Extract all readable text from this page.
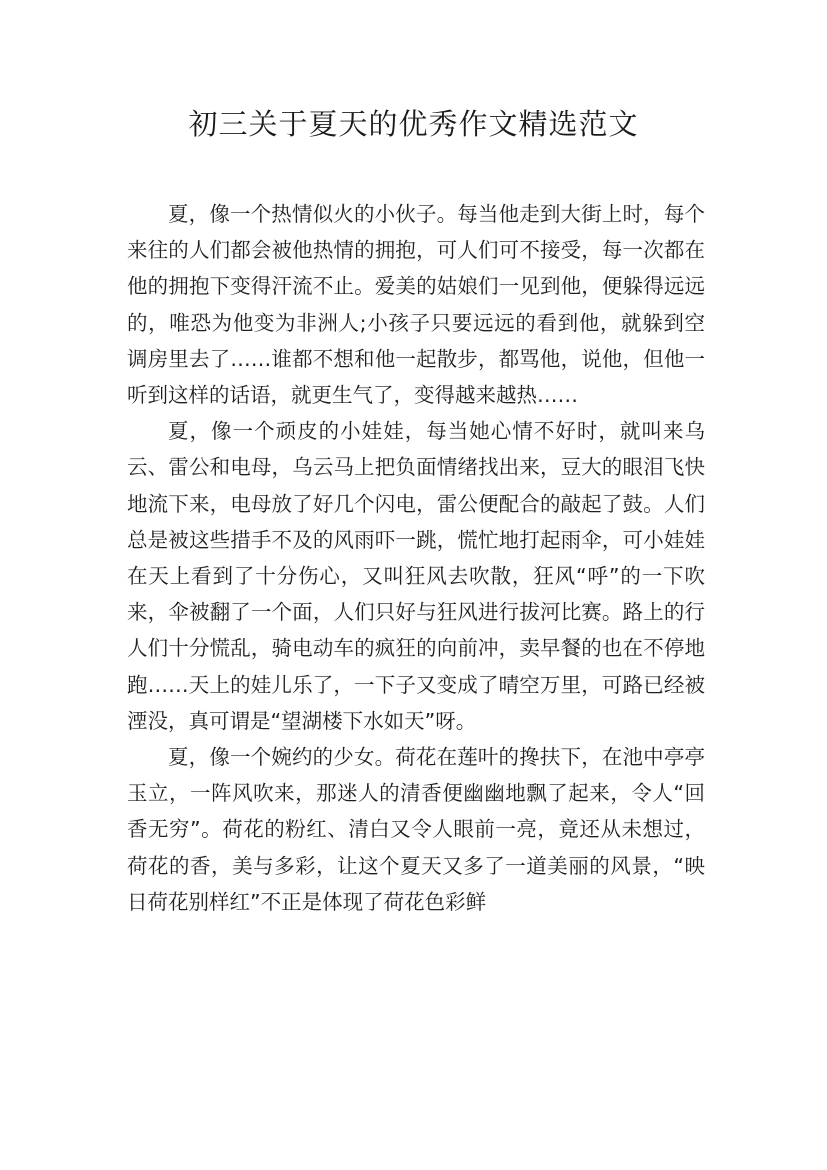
初三关于夏天的优秀作文精选范文

夏，像一个热情似火的小伙子。每当他走到大街上时，每个来往的人们都会被他热情的拥抱，可人们可不接受，每一次都在他的拥抱下变得汗流不止。爱美的姑娘们一见到他，便躲得远远的，唯恐为他变为非洲人;小孩子只要远远的看到他，就躲到空调房里去了……谁都不想和他一起散步，都骂他，说他，但他一听到这样的话语，就更生气了，变得越来越热……

夏，像一个顽皮的小娃娃，每当她心情不好时，就叫来乌云、雷公和电母，乌云马上把负面情绪找出来，豆大的眼泪飞快地流下来，电母放了好几个闪电，雷公便配合的敲起了鼓。人们总是被这些措手不及的风雨吓一跳，慌忙地打起雨伞，可小娃娃在天上看到了十分伤心，又叫狂风去吹散，狂风“呼”的一下吹来，伞被翻了一个面，人们只好与狂风进行拔河比赛。路上的行人们十分慌乱，骑电动车的疯狂的向前冲，卖早餐的也在不停地跑……天上的娃儿乐了，一下子又变成了晴空万里，可路已经被湮没，真可谓是“望湖楼下水如天”呀。

夏，像一个婉约的少女。荷花在莲叶的搀扶下，在池中亭亭玉立，一阵风吹来，那迷人的清香便幽幽地飘了起来，令人“回香无穷”。荷花的粉红、清白又令人眼前一亮，竟还从未想过，荷花的香，美与多彩，让这个夏天又多了一道美丽的风景，“映日荷花别样红”不正是体现了荷花色彩鲜
